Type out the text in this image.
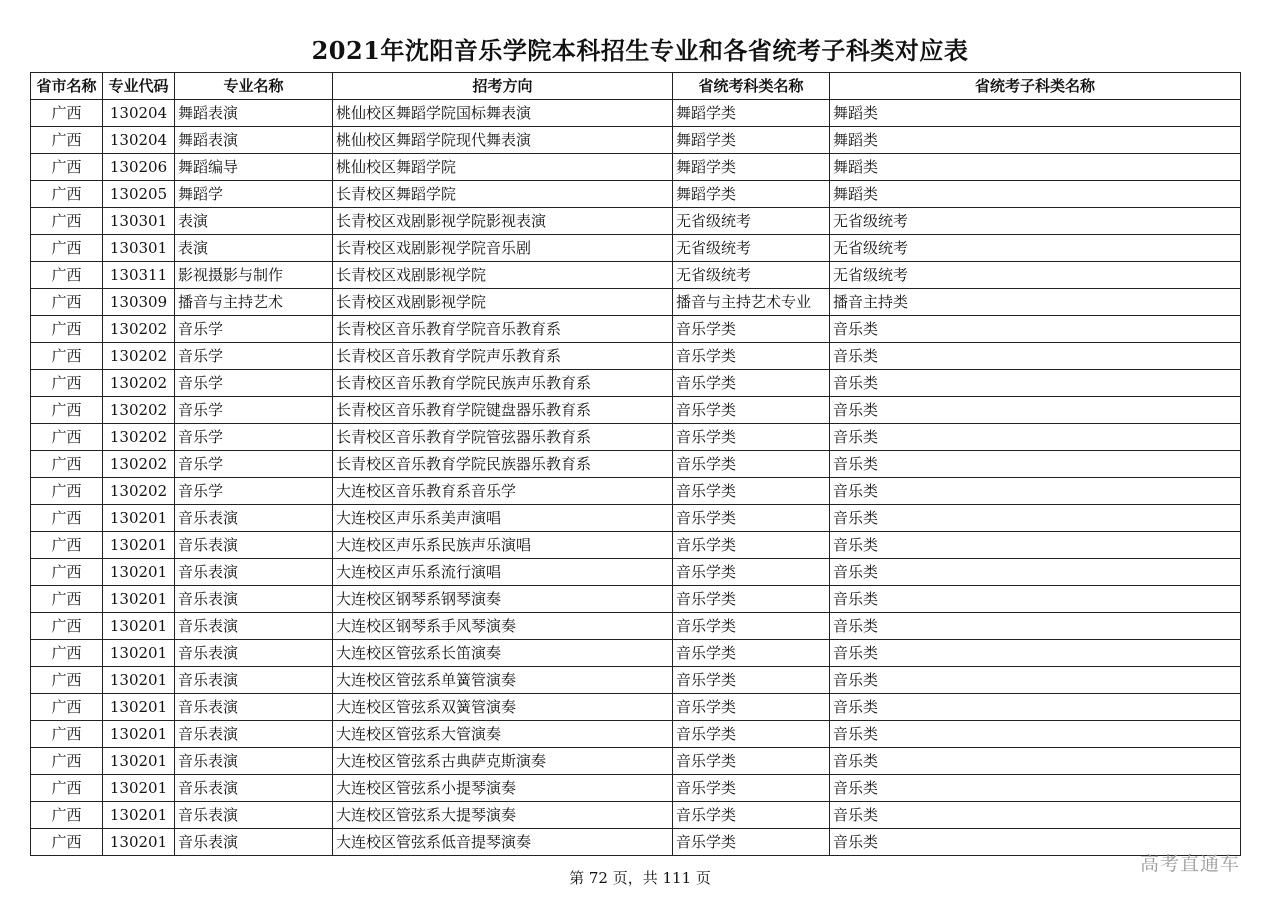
2021年沈阳音乐学院本科招生专业和各省统考子科类对应表
省市名称	专业代码	专业名称	招考方向	省统考科类名称	省统考子科类名称
广西	130204	舞蹈表演	桃仙校区舞蹈学院国标舞表演	舞蹈学类	舞蹈类
广西	130204	舞蹈表演	桃仙校区舞蹈学院现代舞表演	舞蹈学类	舞蹈类
广西	130206	舞蹈编导	桃仙校区舞蹈学院	舞蹈学类	舞蹈类
广西	130205	舞蹈学	长青校区舞蹈学院	舞蹈学类	舞蹈类
广西	130301	表演	长青校区戏剧影视学院影视表演	无省级统考	无省级统考
广西	130301	表演	长青校区戏剧影视学院音乐剧	无省级统考	无省级统考
广西	130311	影视摄影与制作	长青校区戏剧影视学院	无省级统考	无省级统考
广西	130309	播音与主持艺术	长青校区戏剧影视学院	播音与主持艺术专业	播音主持类
广西	130202	音乐学	长青校区音乐教育学院音乐教育系	音乐学类	音乐类
广西	130202	音乐学	长青校区音乐教育学院声乐教育系	音乐学类	音乐类
广西	130202	音乐学	长青校区音乐教育学院民族声乐教育系	音乐学类	音乐类
广西	130202	音乐学	长青校区音乐教育学院键盘器乐教育系	音乐学类	音乐类
广西	130202	音乐学	长青校区音乐教育学院管弦器乐教育系	音乐学类	音乐类
广西	130202	音乐学	长青校区音乐教育学院民族器乐教育系	音乐学类	音乐类
广西	130202	音乐学	大连校区音乐教育系音乐学	音乐学类	音乐类
广西	130201	音乐表演	大连校区声乐系美声演唱	音乐学类	音乐类
广西	130201	音乐表演	大连校区声乐系民族声乐演唱	音乐学类	音乐类
广西	130201	音乐表演	大连校区声乐系流行演唱	音乐学类	音乐类
广西	130201	音乐表演	大连校区钢琴系钢琴演奏	音乐学类	音乐类
广西	130201	音乐表演	大连校区钢琴系手风琴演奏	音乐学类	音乐类
广西	130201	音乐表演	大连校区管弦系长笛演奏	音乐学类	音乐类
广西	130201	音乐表演	大连校区管弦系单簧管演奏	音乐学类	音乐类
广西	130201	音乐表演	大连校区管弦系双簧管演奏	音乐学类	音乐类
广西	130201	音乐表演	大连校区管弦系大管演奏	音乐学类	音乐类
广西	130201	音乐表演	大连校区管弦系古典萨克斯演奏	音乐学类	音乐类
广西	130201	音乐表演	大连校区管弦系小提琴演奏	音乐学类	音乐类
广西	130201	音乐表演	大连校区管弦系大提琴演奏	音乐学类	音乐类
广西	130201	音乐表演	大连校区管弦系低音提琴演奏	音乐学类	音乐类
第 72 页，共 111 页
高考直通车
